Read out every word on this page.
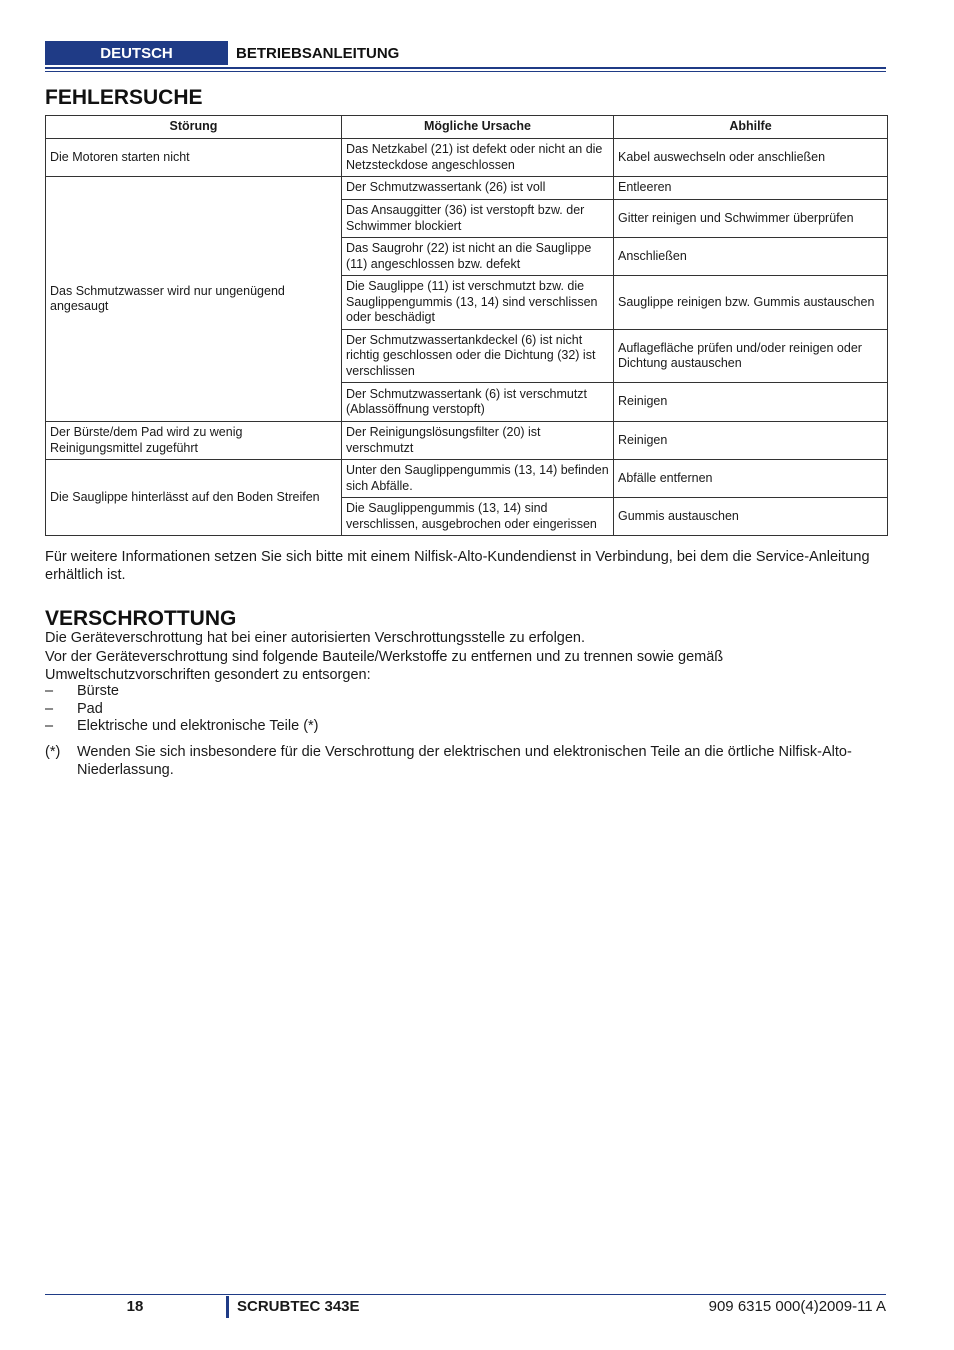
DEUTSCH	BETRIEBSANLEITUNG
FEHLERSUCHE
Störung	Mögliche Ursache	Abhilfe
Die Motoren starten nicht	Das Netzkabel (21) ist defekt oder nicht an die Netzsteckdose angeschlossen	Kabel auswechseln oder anschließen
Das Schmutzwasser wird nur ungenügend angesaugt	Der Schmutzwassertank (26) ist voll	Entleeren
	Das Ansauggitter (36) ist verstopft bzw. der Schwimmer blockiert	Gitter reinigen und Schwimmer überprüfen
	Das Saugrohr (22) ist nicht an die Sauglippe (11) angeschlossen bzw. defekt	Anschließen
	Die Sauglippe (11) ist verschmutzt bzw. die Sauglippengummis (13, 14) sind verschlissen oder beschädigt	Sauglippe reinigen bzw. Gummis austauschen
	Der Schmutzwassertankdeckel (6) ist nicht richtig geschlossen oder die Dichtung (32) ist verschlissen	Auflagefläche prüfen und/oder reinigen oder Dichtung austauschen
	Der Schmutzwassertank (6) ist verschmutzt (Ablassöffnung verstopft)	Reinigen
Der Bürste/dem Pad wird zu wenig Reinigungsmittel zugeführt	Der Reinigungslösungsfilter (20) ist verschmutzt	Reinigen
Die Sauglippe hinterlässt auf den Boden Streifen	Unter den Sauglippengummis (13, 14) befinden sich Abfälle.	Abfälle entfernen
	Die Sauglippengummis (13, 14) sind verschlissen, ausgebrochen oder eingerissen	Gummis austauschen

Für weitere Informationen setzen Sie sich bitte mit einem Nilfisk-Alto-Kundendienst in Verbindung, bei dem die Service-Anleitung erhältlich ist.

VERSCHROTTUNG

Die Geräteverschrottung hat bei einer autorisierten Verschrottungsstelle zu erfolgen.

Vor der Geräteverschrottung sind folgende Bauteile/Werkstoffe zu entfernen und zu trennen sowie gemäß Umweltschutzvorschriften gesondert zu entsorgen:

–	Bürste
–	Pad
–	Elektrische und elektronische Teile (*)
(*)	Wenden Sie sich insbesondere für die Verschrottung der elektrischen und elektronischen Teile an die örtliche Nilfisk-Alto-Niederlassung.
18	SCRUBTEC 343E	909 6315 000(4)2009-11 A
